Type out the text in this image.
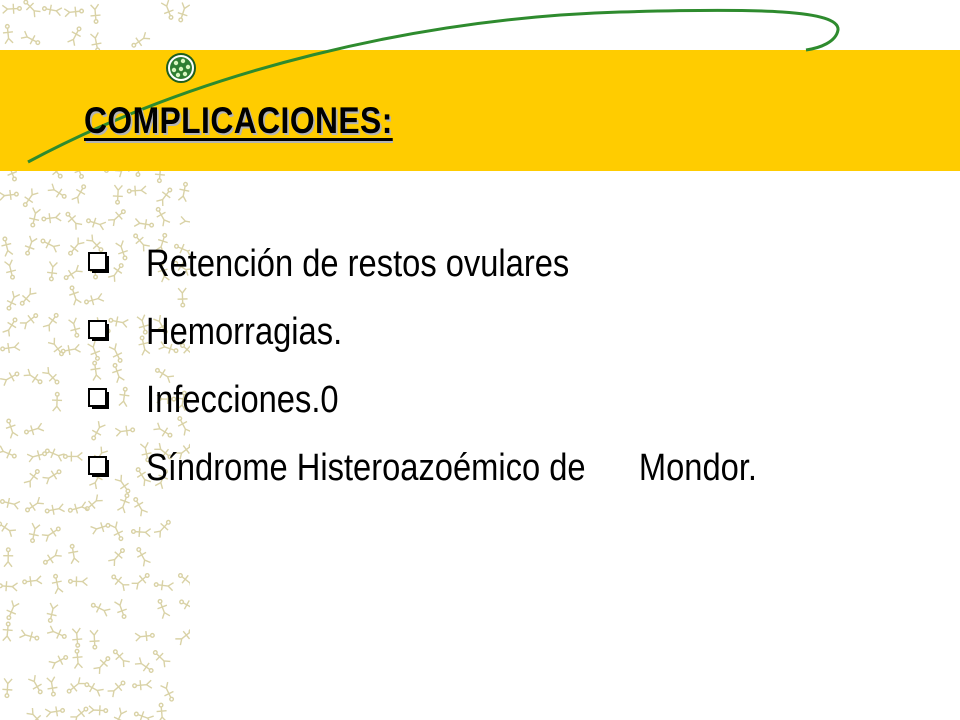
COMPLICACIONES:
Retención de restos ovulares
Hemorragias.
Infecciones.0
Síndrome Histeroazoémico de Mondor.
